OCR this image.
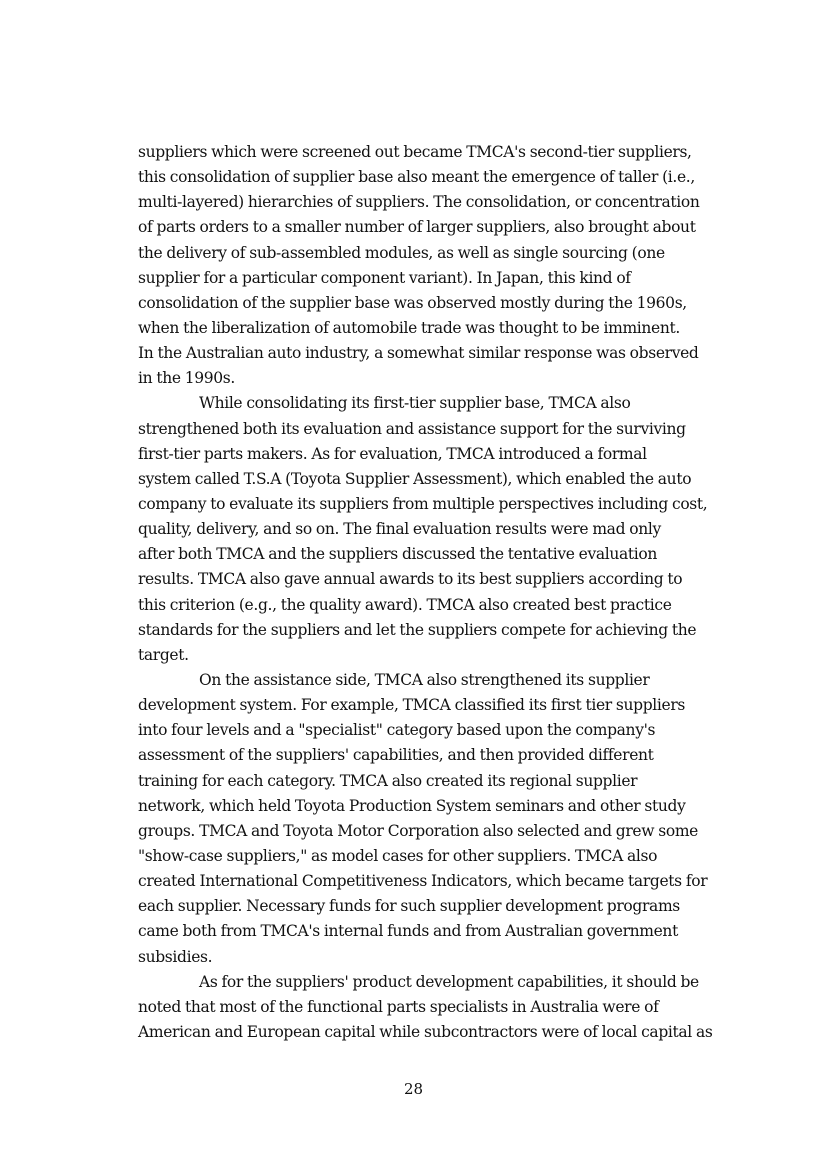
suppliers which were screened out became TMCA's second-tier suppliers,
this consolidation of supplier base also meant the emergence of taller (i.e.,
multi-layered) hierarchies of suppliers. The consolidation, or concentration
of parts orders to a smaller number of larger suppliers, also brought about
the delivery of sub-assembled modules, as well as single sourcing (one
supplier for a particular component variant). In Japan, this kind of
consolidation of the supplier base was observed mostly during the 1960s,
when the liberalization of automobile trade was thought to be imminent.
In the Australian auto industry, a somewhat similar response was observed
in the 1990s.
While consolidating its first-tier supplier base, TMCA also
strengthened both its evaluation and assistance support for the surviving
first-tier parts makers. As for evaluation, TMCA introduced a formal
system called T.S.A (Toyota Supplier Assessment), which enabled the auto
company to evaluate its suppliers from multiple perspectives including cost,
quality, delivery, and so on. The final evaluation results were mad only
after both TMCA and the suppliers discussed the tentative evaluation
results. TMCA also gave annual awards to its best suppliers according to
this criterion (e.g., the quality award). TMCA also created best practice
standards for the suppliers and let the suppliers compete for achieving the
target.
On the assistance side, TMCA also strengthened its supplier
development system. For example, TMCA classified its first tier suppliers
into four levels and a "specialist" category based upon the company's
assessment of the suppliers' capabilities, and then provided different
training for each category. TMCA also created its regional supplier
network, which held Toyota Production System seminars and other study
groups. TMCA and Toyota Motor Corporation also selected and grew some
"show-case suppliers," as model cases for other suppliers. TMCA also
created International Competitiveness Indicators, which became targets for
each supplier. Necessary funds for such supplier development programs
came both from TMCA's internal funds and from Australian government
subsidies.
As for the suppliers' product development capabilities, it should be
noted that most of the functional parts specialists in Australia were of
American and European capital while subcontractors were of local capital as
28
